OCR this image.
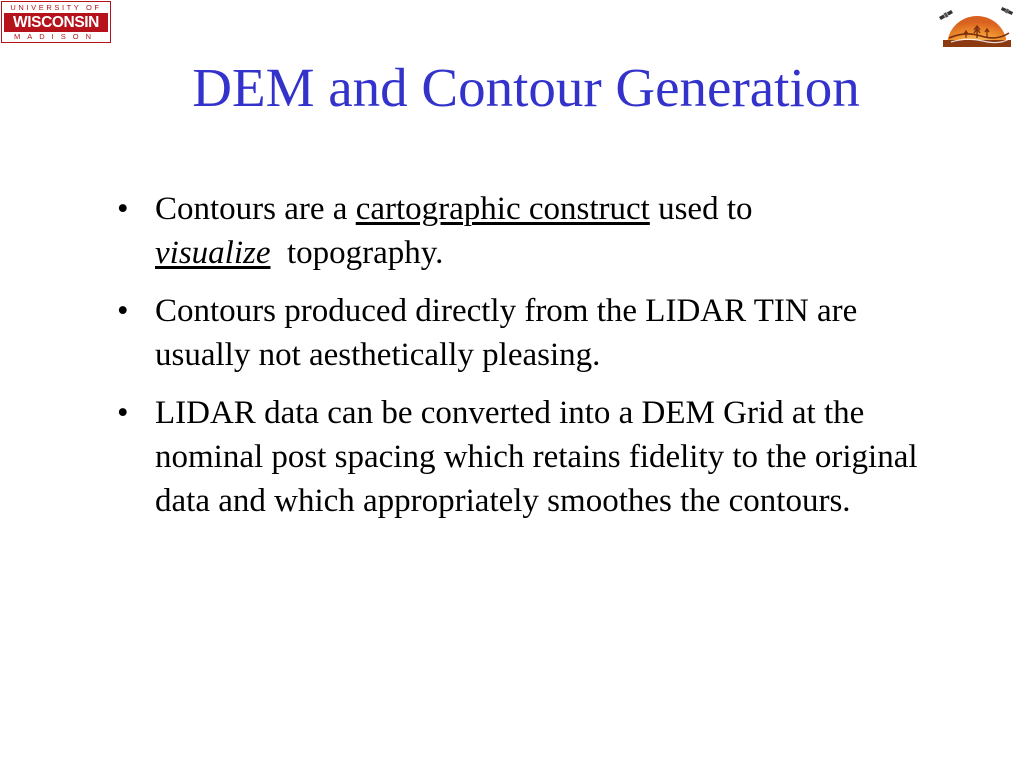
UNIVERSITY OF
WISCONSIN
MADISON
DEM and Contour Generation
• Contours are a cartographic construct used to
visualize  topography.
• Contours produced directly from the LIDAR TIN are usually not aesthetically pleasing.
• LIDAR data can be converted into a DEM Grid at the nominal post spacing which retains fidelity to the original data and which appropriately smoothes the contours.
